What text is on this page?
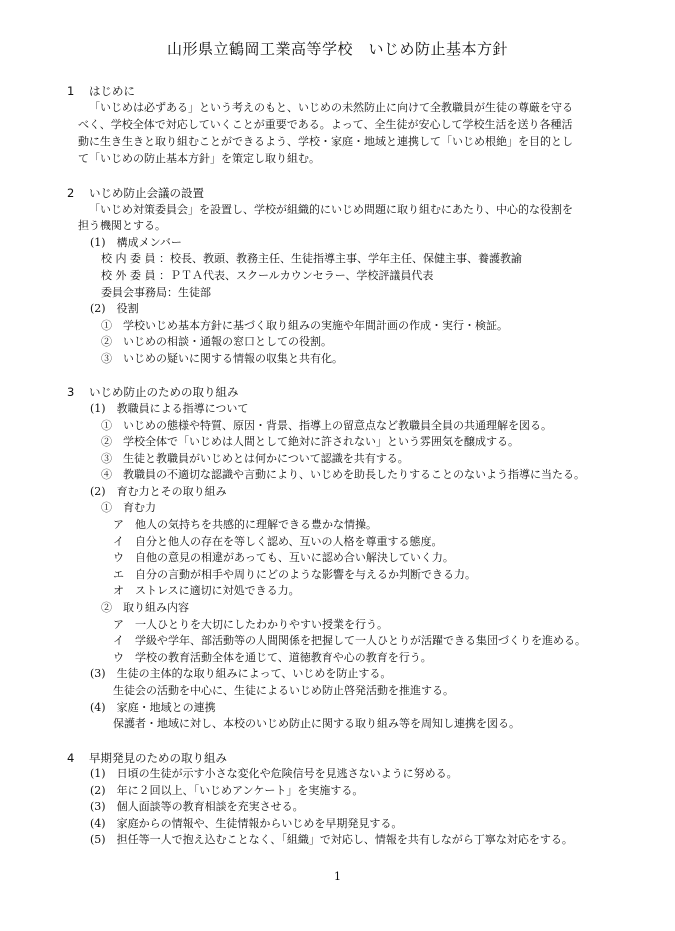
山形県立鶴岡工業高等学校　いじめ防止基本方針
1 はじめに
「いじめは必ずある」という考えのもと、いじめの未然防止に向けて全教職員が生徒の尊厳を守る
べく、学校全体で対応していくことが重要である。よって、全生徒が安心して学校生活を送り各種活
動に生き生きと取り組むことができるよう、学校・家庭・地域と連携して「いじめ根絶」を目的とし
て「いじめの防止基本方針」を策定し取り組む。
2 いじめ防止会議の設置
「いじめ対策委員会」を設置し、学校が組織的にいじめ問題に取り組むにあたり、中心的な役割を
担う機関とする。
(1)　 構成メンバー
校 内 委 員 ：校長、教頭、教務主任、生徒指導主事、学年主任、保健主事、養護教諭
校 外 委 員 ：ＰＴＡ代表、スクールカウンセラー、学校評議員代表
委員会事務局：生徒部
(2)　 役割
①　 学校いじめ基本方針に基づく取り組みの実施や年間計画の作成・実行・検証。
②　 いじめの相談・通報の窓口としての役割。
③　 いじめの疑いに関する情報の収集と共有化。
3 いじめ防止のための取り組み
(1)　 教職員による指導について
①　 いじめの態様や特質、原因・背景、指導上の留意点など教職員全員の共通理解を図る。
②　 学校全体で「いじめは人間として絶対に許されない」という雰囲気を醸成する。
③　 生徒と教職員がいじめとは何かについて認識を共有する。
④　 教職員の不適切な認識や言動により、いじめを助長したりすることのないよう指導に当たる。
(2)　 育む力とその取り組み
①　 育む力
ア　 他人の気持ちを共感的に理解できる豊かな情操。
イ　 自分と他人の存在を等しく認め、互いの人格を尊重する態度。
ウ　 自他の意見の相違があっても、互いに認め合い解決していく力。
エ　 自分の言動が相手や周りにどのような影響を与えるか判断できる力。
オ　 ストレスに適切に対処できる力。
②　 取り組み内容
ア　 一人ひとりを大切にしたわかりやすい授業を行う。
イ　 学級や学年、部活動等の人間関係を把握して一人ひとりが活躍できる集団づくりを進める。
ウ　 学校の教育活動全体を通じて、道徳教育や心の教育を行う。
(3)　 生徒の主体的な取り組みによって、いじめを防止する。
生徒会の活動を中心に、生徒によるいじめ防止啓発活動を推進する。
(4)　 家庭・地域との連携
保護者・地域に対し、本校のいじめ防止に関する取り組み等を周知し連携を図る。
4 早期発見のための取り組み
(1)　 日頃の生徒が示す小さな変化や危険信号を見逃さないように努める。
(2)　 年に２回以上、「いじめアンケート」を実施する。
(3)　 個人面談等の教育相談を充実させる。
(4)　 家庭からの情報や、生徒情報からいじめを早期発見する。
(5)　 担任等一人で抱え込むことなく、「組織」で対応し、情報を共有しながら丁寧な対応をする。
1
